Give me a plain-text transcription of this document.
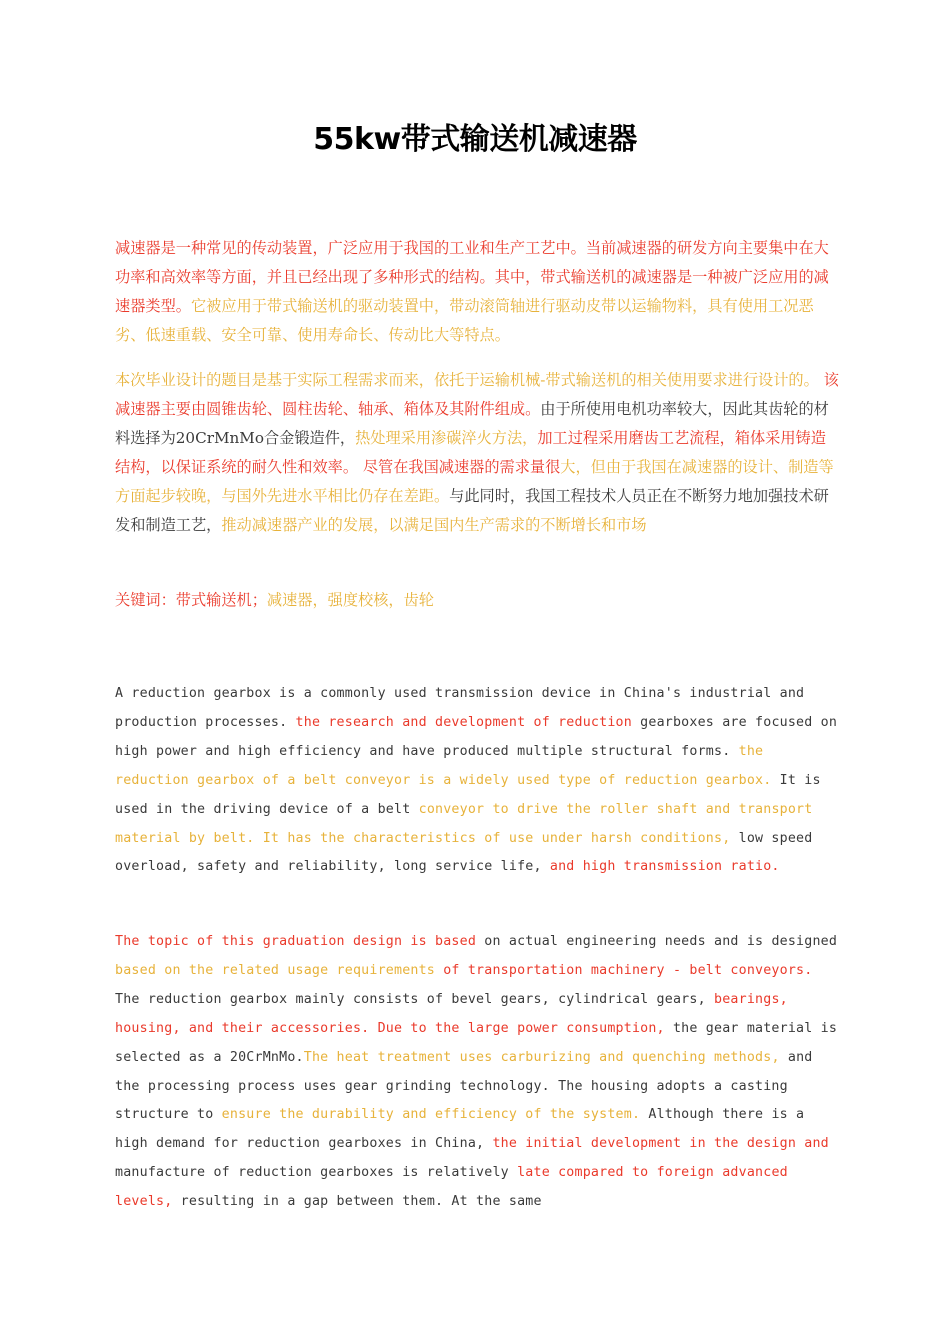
55kw带式输送机减速器

减速器是一种常见的传动装置，广泛应用于我国的工业和生产工艺中。当前减速器的研发方向主要集中在大功率和高效率等方面，并且已经出现了多种形式的结构。其中，带式输送机的减速器是一种被广泛应用的减速器类型。它被应用于带式输送机的驱动装置中，带动滚筒轴进行驱动皮带以运输物料，具有使用工况恶劣、低速重载、安全可靠、使用寿命长、传动比大等特点。

本次毕业设计的题目是基于实际工程需求而来，依托于运输机械-带式输送机的相关使用要求进行设计的。 该减速器主要由圆锥齿轮、圆柱齿轮、轴承、箱体及其附件组成。由于所使用电机功率较大，因此其齿轮的材料选择为20CrMnMo合金锻造件，热处理采用渗碳淬火方法，加工过程采用磨齿工艺流程，箱体采用铸造结构，以保证系统的耐久性和效率。 尽管在我国减速器的需求量很大，但由于我国在减速器的设计、制造等方面起步较晚，与国外先进水平相比仍存在差距。与此同时，我国工程技术人员正在不断努力地加强技术研发和制造工艺，推动减速器产业的发展，以满足国内生产需求的不断增长和市场

关键词：带式输送机；减速器，强度校核，齿轮

A reduction gearbox is a commonly used transmission device in China's industrial and production processes. the research and development of reduction gearboxes are focused on high power and high efficiency and have produced multiple structural forms. the reduction gearbox of a belt conveyor is a widely used type of reduction gearbox. It is used in the driving device of a belt conveyor to drive the roller shaft and transport material by belt. It has the characteristics of use under harsh conditions, low speed overload, safety and reliability, long service life, and high transmission ratio.

The topic of this graduation design is based on actual engineering needs and is designed based on the related usage requirements of transportation machinery - belt conveyors. The reduction gearbox mainly consists of bevel gears, cylindrical gears, bearings, housing, and their accessories. Due to the large power consumption, the gear material is selected as a 20CrMnMo.The heat treatment uses carburizing and quenching methods, and the processing process uses gear grinding technology. The housing adopts a casting structure to ensure the durability and efficiency of the system. Although there is a high demand for reduction gearboxes in China, the initial development in the design and manufacture of reduction gearboxes is relatively late compared to foreign advanced levels, resulting in a gap between them. At the same
